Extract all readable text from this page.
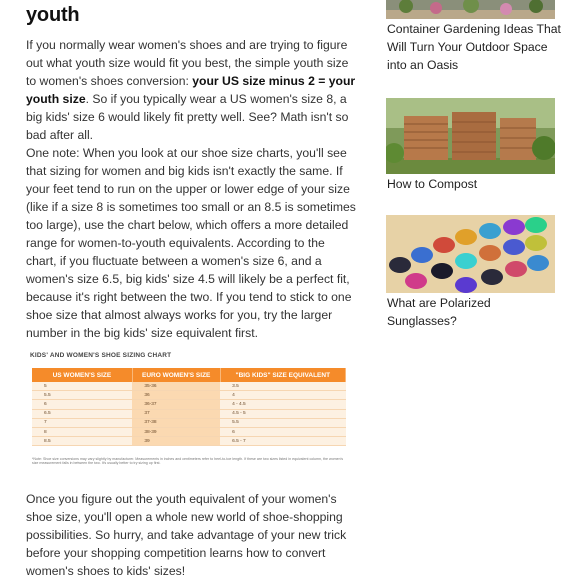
youth

If you normally wear women's shoes and are trying to figure out what youth size would fit you best, the simple youth size to women's shoes conversion: your US size minus 2 = your youth size. So if you typically wear a US women's size 8, a big kids' size 6 would likely fit pretty well. See? Math isn't so bad after all.

One note: When you look at our shoe size charts, you'll see that sizing for women and big kids isn't exactly the same. If your feet tend to run on the upper or lower edge of your size (like if a size 8 is sometimes too small or an 8.5 is sometimes too large), use the chart below, which offers a more detailed range for women-to-youth equivalents. According to the chart, if you fluctuate between a women's size 6, and a women's size 6.5, big kids' size 4.5 will likely be a perfect fit, because it's right between the two. If you tend to stick to one shoe size that almost always works for you, try the larger number in the big kids' size equivalent first.

KIDS' AND WOMEN'S SHOE SIZING CHART
US WOMEN'S SIZE	EURO WOMEN'S SIZE	"BIG KIDS" SIZE EQUIVALENT
5	35-36	3.5
5.5	36	4
6	36-37	4 - 4.5
6.5	37	4.5 - 5
7	37-38	5.5
8	38-39	6
8.5	39	6.5 - 7
*Note: Shoe size conversions may vary slightly by manufacturer. Measurements in inches and centimeters refer to heel-to-toe length. If these are two sizes listed in equivalent column, the women's size measurement falls in between the two. It's usually better to try sizing up first.

Once you figure out the youth equivalent of your women's shoe size, you'll open a whole new world of shoe-shopping possibilities. So hurry, and take advantage of your new trick before your shopping competition learns how to convert women's shoes to kids' sizes!

Container Gardening Ideas That Will Turn Your Outdoor Space into an Oasis
How to Compost
What are Polarized Sunglasses?
